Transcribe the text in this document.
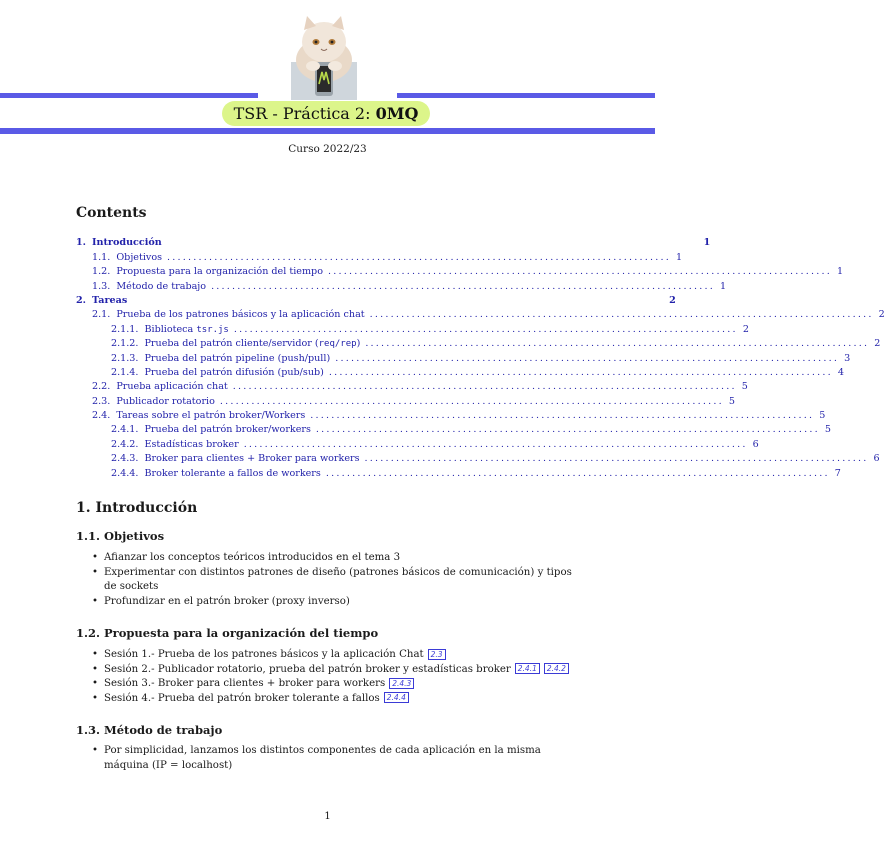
TSR - Práctica 2: 0MQ
Curso 2022/23
Contents
1. Introducción	1
1.1. Objetivos ................................................................................................ 1
1.2. Propuesta para la organización del tiempo ................................................................................................ 1
1.3. Método de trabajo ................................................................................................ 1
2. Tareas	2
2.1. Prueba de los patrones básicos y la aplicación chat ................................................................................................ 2
2.1.1. Biblioteca tsr.js ................................................................................................ 2
2.1.2. Prueba del patrón cliente/servidor ( req/rep ) ................................................................................................ 2
2.1.3. Prueba del patrón pipeline (push/pull) ................................................................................................ 3
2.1.4. Prueba del patrón difusión (pub/sub) ................................................................................................ 4
2.2. Prueba aplicación chat ................................................................................................ 5
2.3. Publicador rotatorio ................................................................................................ 5
2.4. Tareas sobre el patrón broker/Workers ................................................................................................ 5
2.4.1. Prueba del patrón broker/workers ................................................................................................ 5
2.4.2. Estadísticas broker ................................................................................................ 6
2.4.3. Broker para clientes + Broker para workers ................................................................................................ 6
2.4.4. Broker tolerante a fallos de workers ................................................................................................ 7
1. Introducción
1.1. Objetivos
• Afianzar los conceptos teóricos introducidos en el tema 3
• Experimentar con distintos patrones de diseño (patrones básicos de comunicación) y tipos de sockets
• Profundizar en el patrón broker (proxy inverso)
1.2. Propuesta para la organización del tiempo
• Sesión 1.- Prueba de los patrones básicos y la aplicación Chat 2.3
• Sesión 2.- Publicador rotatorio, prueba del patrón broker y estadísticas broker 2.4.1 2.4.2
• Sesión 3.- Broker para clientes + broker para workers 2.4.3
• Sesión 4.- Prueba del patrón broker tolerante a fallos 2.4.4
1.3. Método de trabajo
• Por simplicidad, lanzamos los distintos componentes de cada aplicación en la misma máquina (IP = localhost)
1
